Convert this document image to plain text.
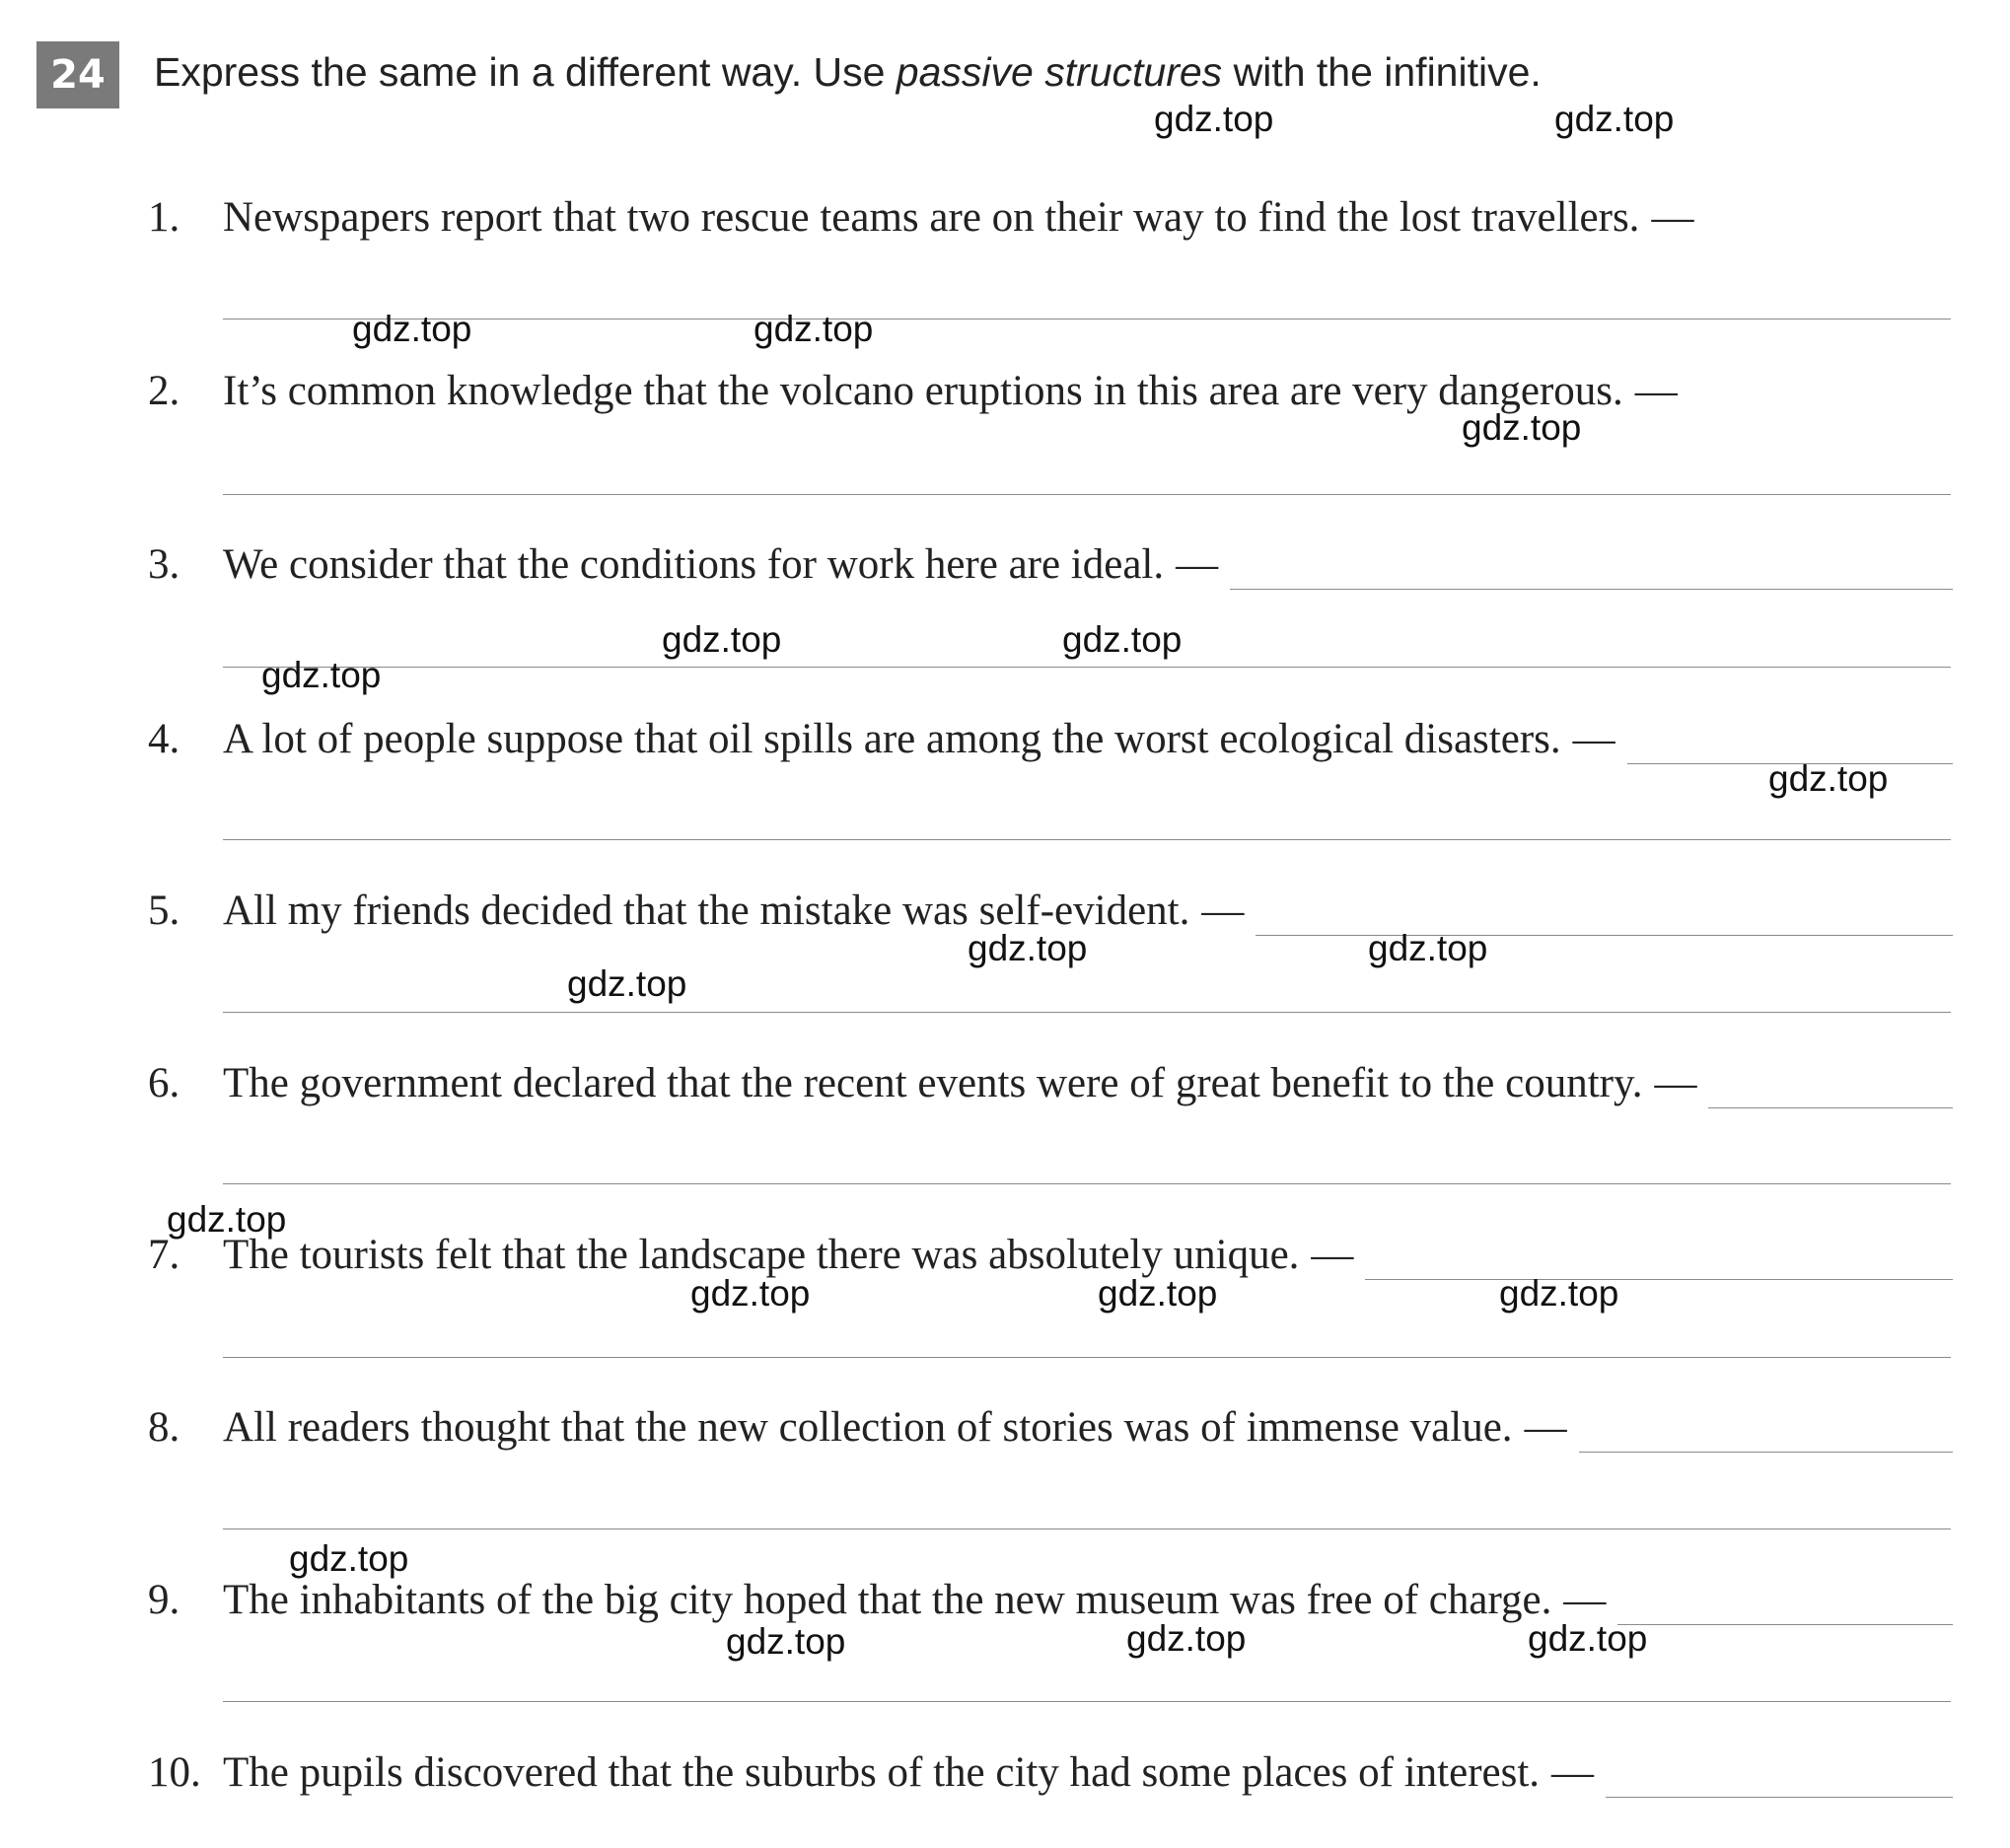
24	Express the same in a different way. Use passive structures with the infinitive.
1.	Newspapers report that two rescue teams are on their way to find the lost travellers. —
2.	It’s common knowledge that the volcano eruptions in this area are very dangerous. —
3.	We consider that the conditions for work here are ideal. —
4.	A lot of people suppose that oil spills are among the worst ecological disasters. —
5.	All my friends decided that the mistake was self-evident. —
6.	The government declared that the recent events were of great benefit to the country. —
7.	The tourists felt that the landscape there was absolutely unique. —
8.	All readers thought that the new collection of stories was of immense value. —
9.	The inhabitants of the big city hoped that the new museum was free of charge. —
10. The pupils discovered that the suburbs of the city had some places of interest. —
gdz.top	gdz.top
gdz.top	gdz.top
gdz.top
gdz.top	gdz.top
gdz.top
gdz.top
gdz.top	gdz.top
gdz.top
gdz.top
gdz.top	gdz.top	gdz.top
gdz.top
gdz.top	gdz.top	gdz.top
